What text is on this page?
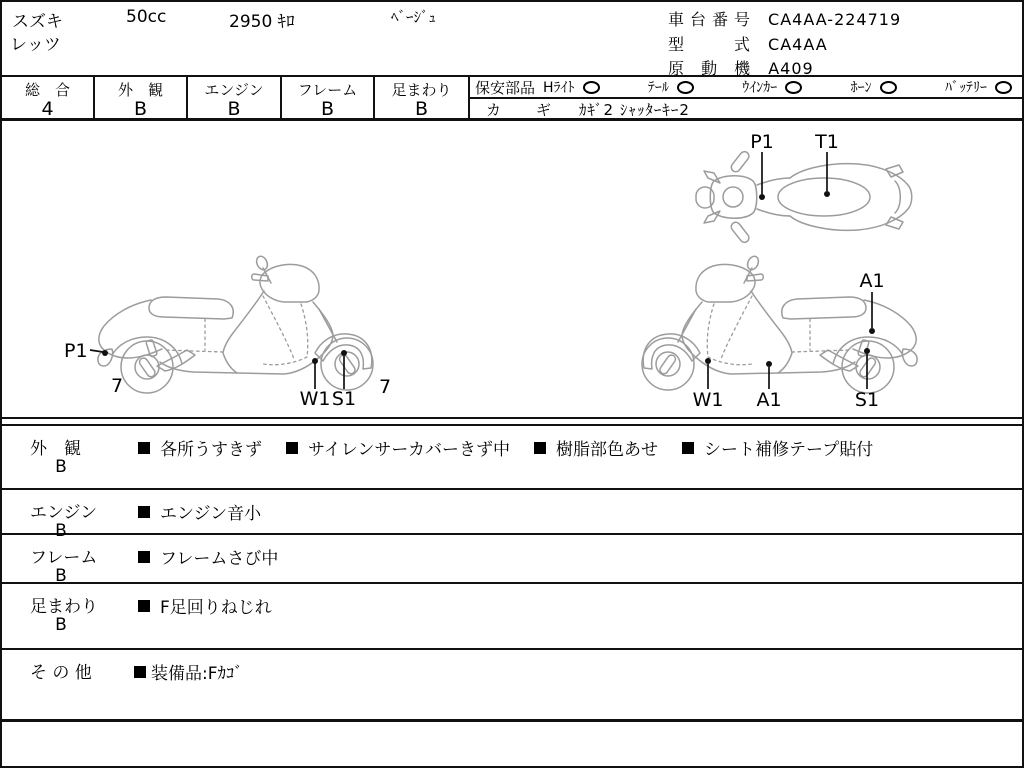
スズキ
レッツ
50cc	2950 ｷﾛ	ﾍﾞｰｼﾞｭ	車台番号 CA4AA-224719
型　　式 CA4AA
原 動 機 A409
総　合
4
外　観
B
エンジン
B
フレーム
B
足まわり
B
保安部品 Hﾗｲﾄ	ﾃｰﾙ	ｳｲﾝｶｰ	ﾎｰﾝ	ﾊﾞｯﾃﾘｰ
カ　ギ ｶｷﾞ2 ｼｬｯﾀｰｷｰ2
P1 T1
P1
7
W1 S1
7
A1
W1 A1	S1
外　観
B
各所うすきず	サイレンサーカバーきず中	樹脂部色あせ	シート補修テープ貼付
エンジン
B
エンジン音小
フレーム
B
フレームさび中
足まわり
B
F足回りねじれ
そ の 他	装備品:Fｶｺﾞ
